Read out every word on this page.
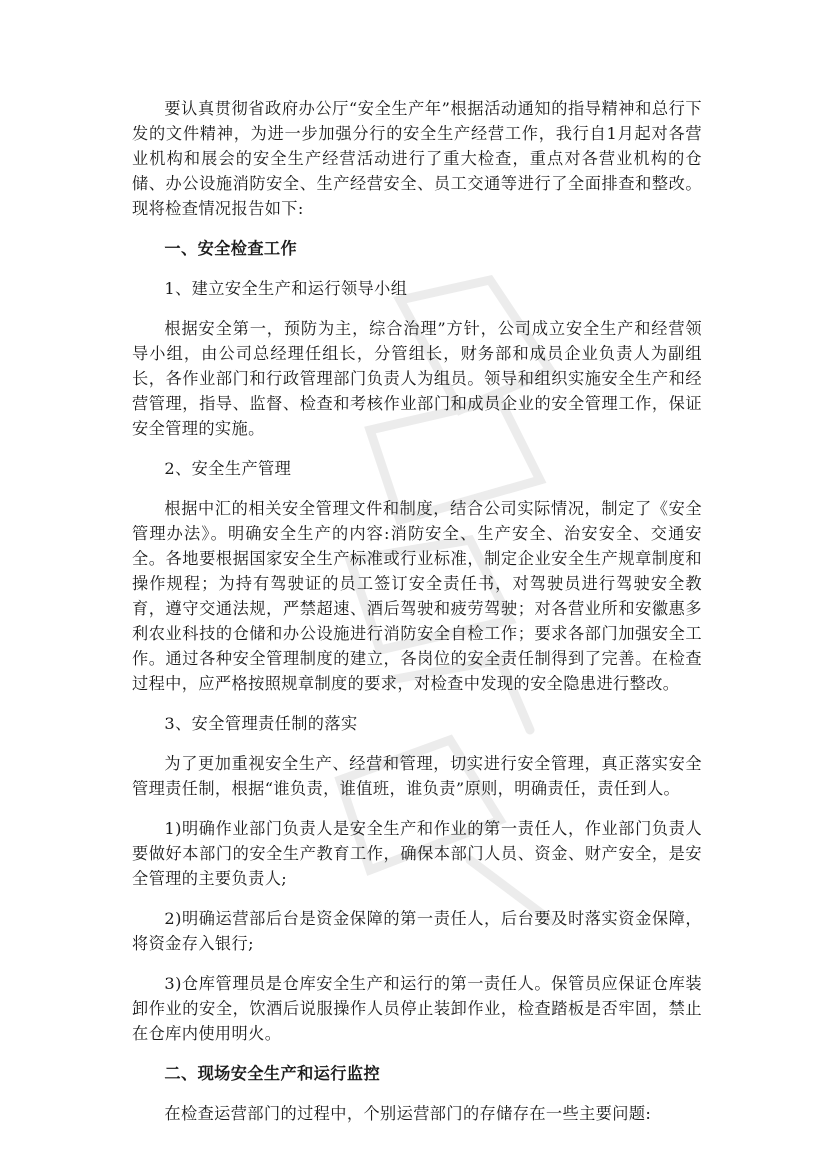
要认真贯彻省政府办公厅“安全生产年”根据活动通知的指导精神和总行下发的文件精神，为进一步加强分行的安全生产经营工作，我行自1月起对各营业机构和展会的安全生产经营活动进行了重大检查，重点对各营业机构的仓储、办公设施消防安全、生产经营安全、员工交通等进行了全面排查和整改。现将检查情况报告如下:

一、安全检查工作

1、建立安全生产和运行领导小组

根据安全第一，预防为主，综合治理”方针，公司成立安全生产和经营领导小组，由公司总经理任组长，分管组长，财务部和成员企业负责人为副组长，各作业部门和行政管理部门负责人为组员。领导和组织实施安全生产和经营管理，指导、监督、检查和考核作业部门和成员企业的安全管理工作，保证安全管理的实施。

2、安全生产管理

根据中汇的相关安全管理文件和制度，结合公司实际情况，制定了《安全管理办法》。明确安全生产的内容:消防安全、生产安全、治安安全、交通安全。各地要根据国家安全生产标准或行业标准，制定企业安全生产规章制度和操作规程；为持有驾驶证的员工签订安全责任书，对驾驶员进行驾驶安全教育，遵守交通法规，严禁超速、酒后驾驶和疲劳驾驶；对各营业所和安徽惠多利农业科技的仓储和办公设施进行消防安全自检工作；要求各部门加强安全工作。通过各种安全管理制度的建立，各岗位的安全责任制得到了完善。在检查过程中，应严格按照规章制度的要求，对检查中发现的安全隐患进行整改。

3、安全管理责任制的落实

为了更加重视安全生产、经营和管理，切实进行安全管理，真正落实安全管理责任制，根据“谁负责，谁值班，谁负责”原则，明确责任，责任到人。

1)明确作业部门负责人是安全生产和作业的第一责任人，作业部门负责人要做好本部门的安全生产教育工作，确保本部门人员、资金、财产安全，是安全管理的主要负责人;

2)明确运营部后台是资金保障的第一责任人，后台要及时落实资金保障，将资金存入银行;

3)仓库管理员是仓库安全生产和运行的第一责任人。保管员应保证仓库装卸作业的安全，饮酒后说服操作人员停止装卸作业，检查踏板是否牢固，禁止在仓库内使用明火。

二、现场安全生产和运行监控

在检查运营部门的过程中，个别运营部门的存储存在一些主要问题:
